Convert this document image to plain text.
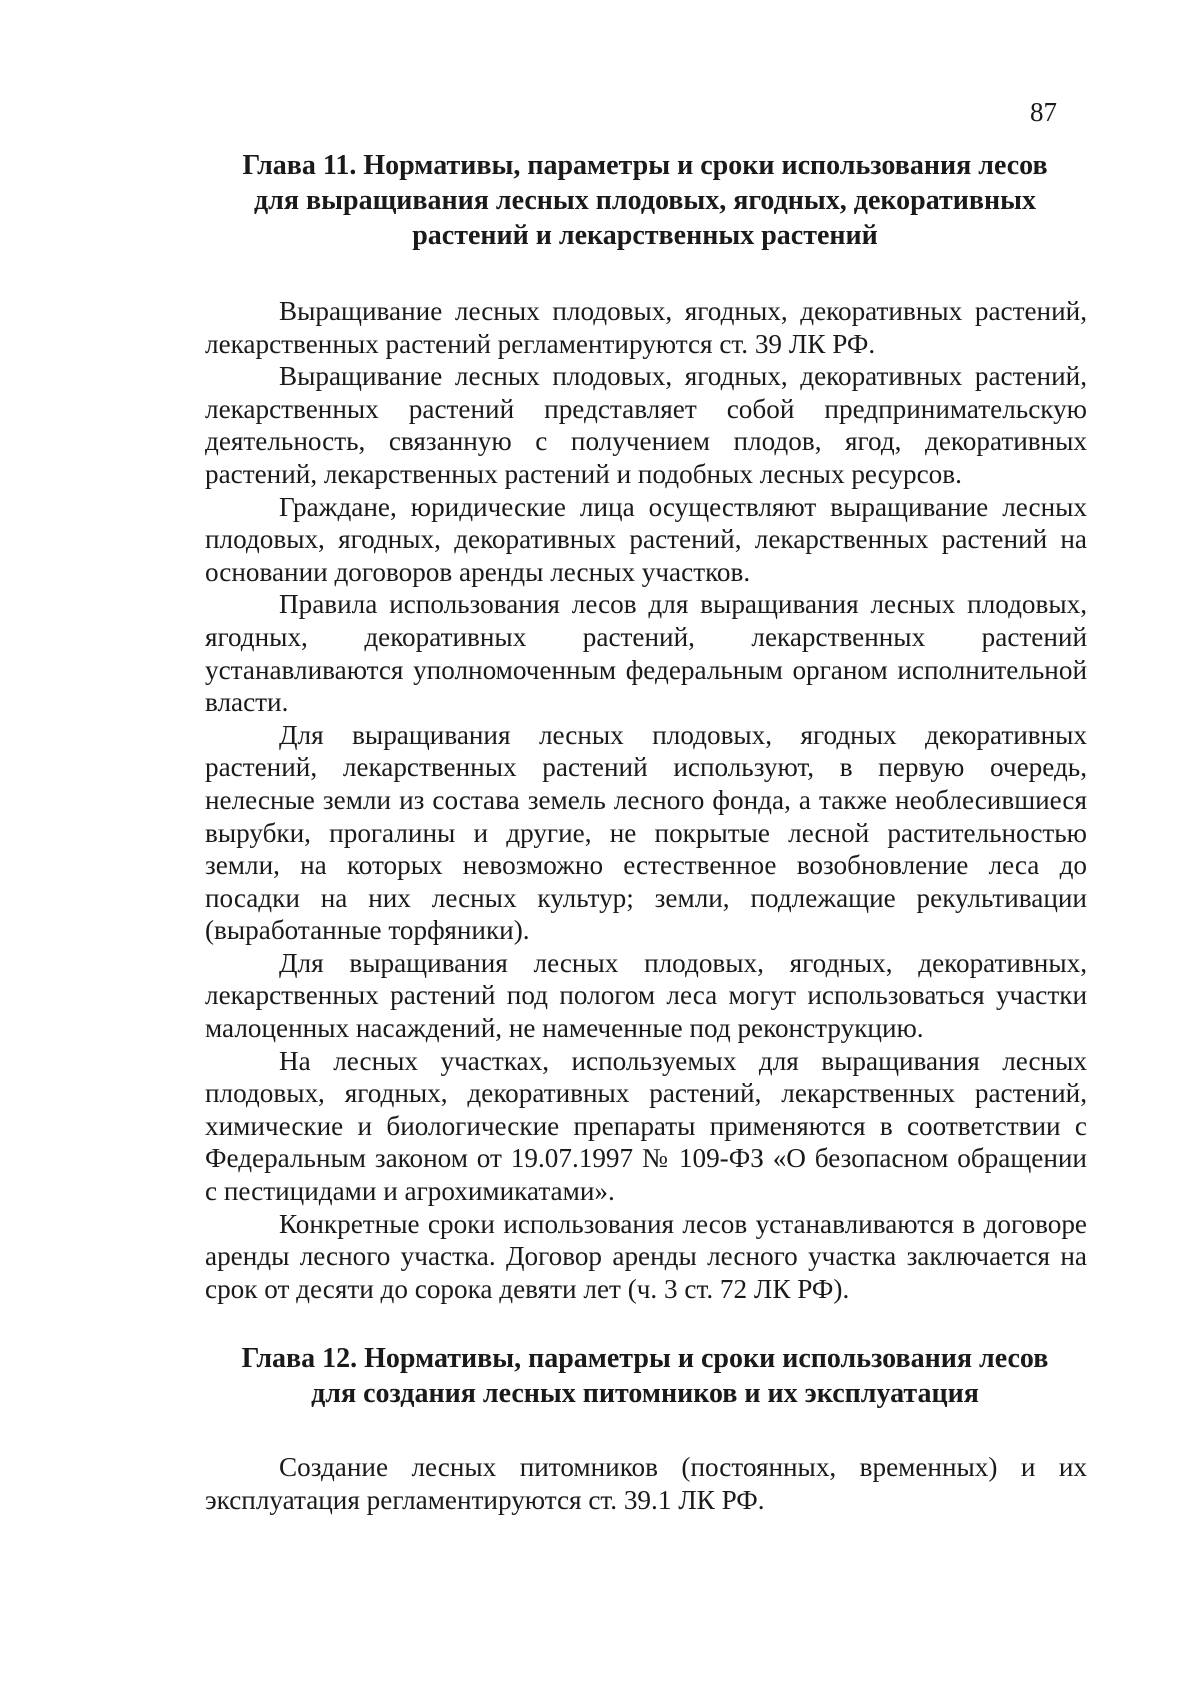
87
Глава 11. Нормативы, параметры и сроки использования лесов
для выращивания лесных плодовых, ягодных, декоративных
растений и лекарственных растений

Выращивание лесных плодовых, ягодных, декоративных растений, лекарственных растений регламентируются ст. 39 ЛК РФ.

Выращивание лесных плодовых, ягодных, декоративных растений, лекарственных растений представляет собой предпринимательскую деятельность, связанную с получением плодов, ягод, декоративных растений, лекарственных растений и подобных лесных ресурсов.

Граждане, юридические лица осуществляют выращивание лесных плодовых, ягодных, декоративных растений, лекарственных растений на основании договоров аренды лесных участков.

Правила использования лесов для выращивания лесных плодовых, ягодных, декоративных растений, лекарственных растений устанавливаются уполномоченным федеральным органом исполнительной власти.

Для выращивания лесных плодовых, ягодных декоративных растений, лекарственных растений используют, в первую очередь, нелесные земли из состава земель лесного фонда, а также необлесившиеся вырубки, прогалины и другие, не покрытые лесной растительностью земли, на которых невозможно естественное возобновление леса до посадки на них лесных культур; земли, подлежащие рекультивации (выработанные торфяники).

Для выращивания лесных плодовых, ягодных, декоративных, лекарственных растений под пологом леса могут использоваться участки малоценных насаждений, не намеченные под реконструкцию.

На лесных участках, используемых для выращивания лесных плодовых, ягодных, декоративных растений, лекарственных растений, химические и биологические препараты применяются в соответствии с Федеральным законом от 19.07.1997 № 109-ФЗ «О безопасном обращении с пестицидами и агрохимикатами».

Конкретные сроки использования лесов устанавливаются в договоре аренды лесного участка. Договор аренды лесного участка заключается на срок от десяти до сорока девяти лет (ч. 3 ст. 72 ЛК РФ).

Глава 12. Нормативы, параметры и сроки использования лесов
для создания лесных питомников и их эксплуатация

Создание лесных питомников (постоянных, временных) и их эксплуатация регламентируются ст. 39.1 ЛК РФ.
